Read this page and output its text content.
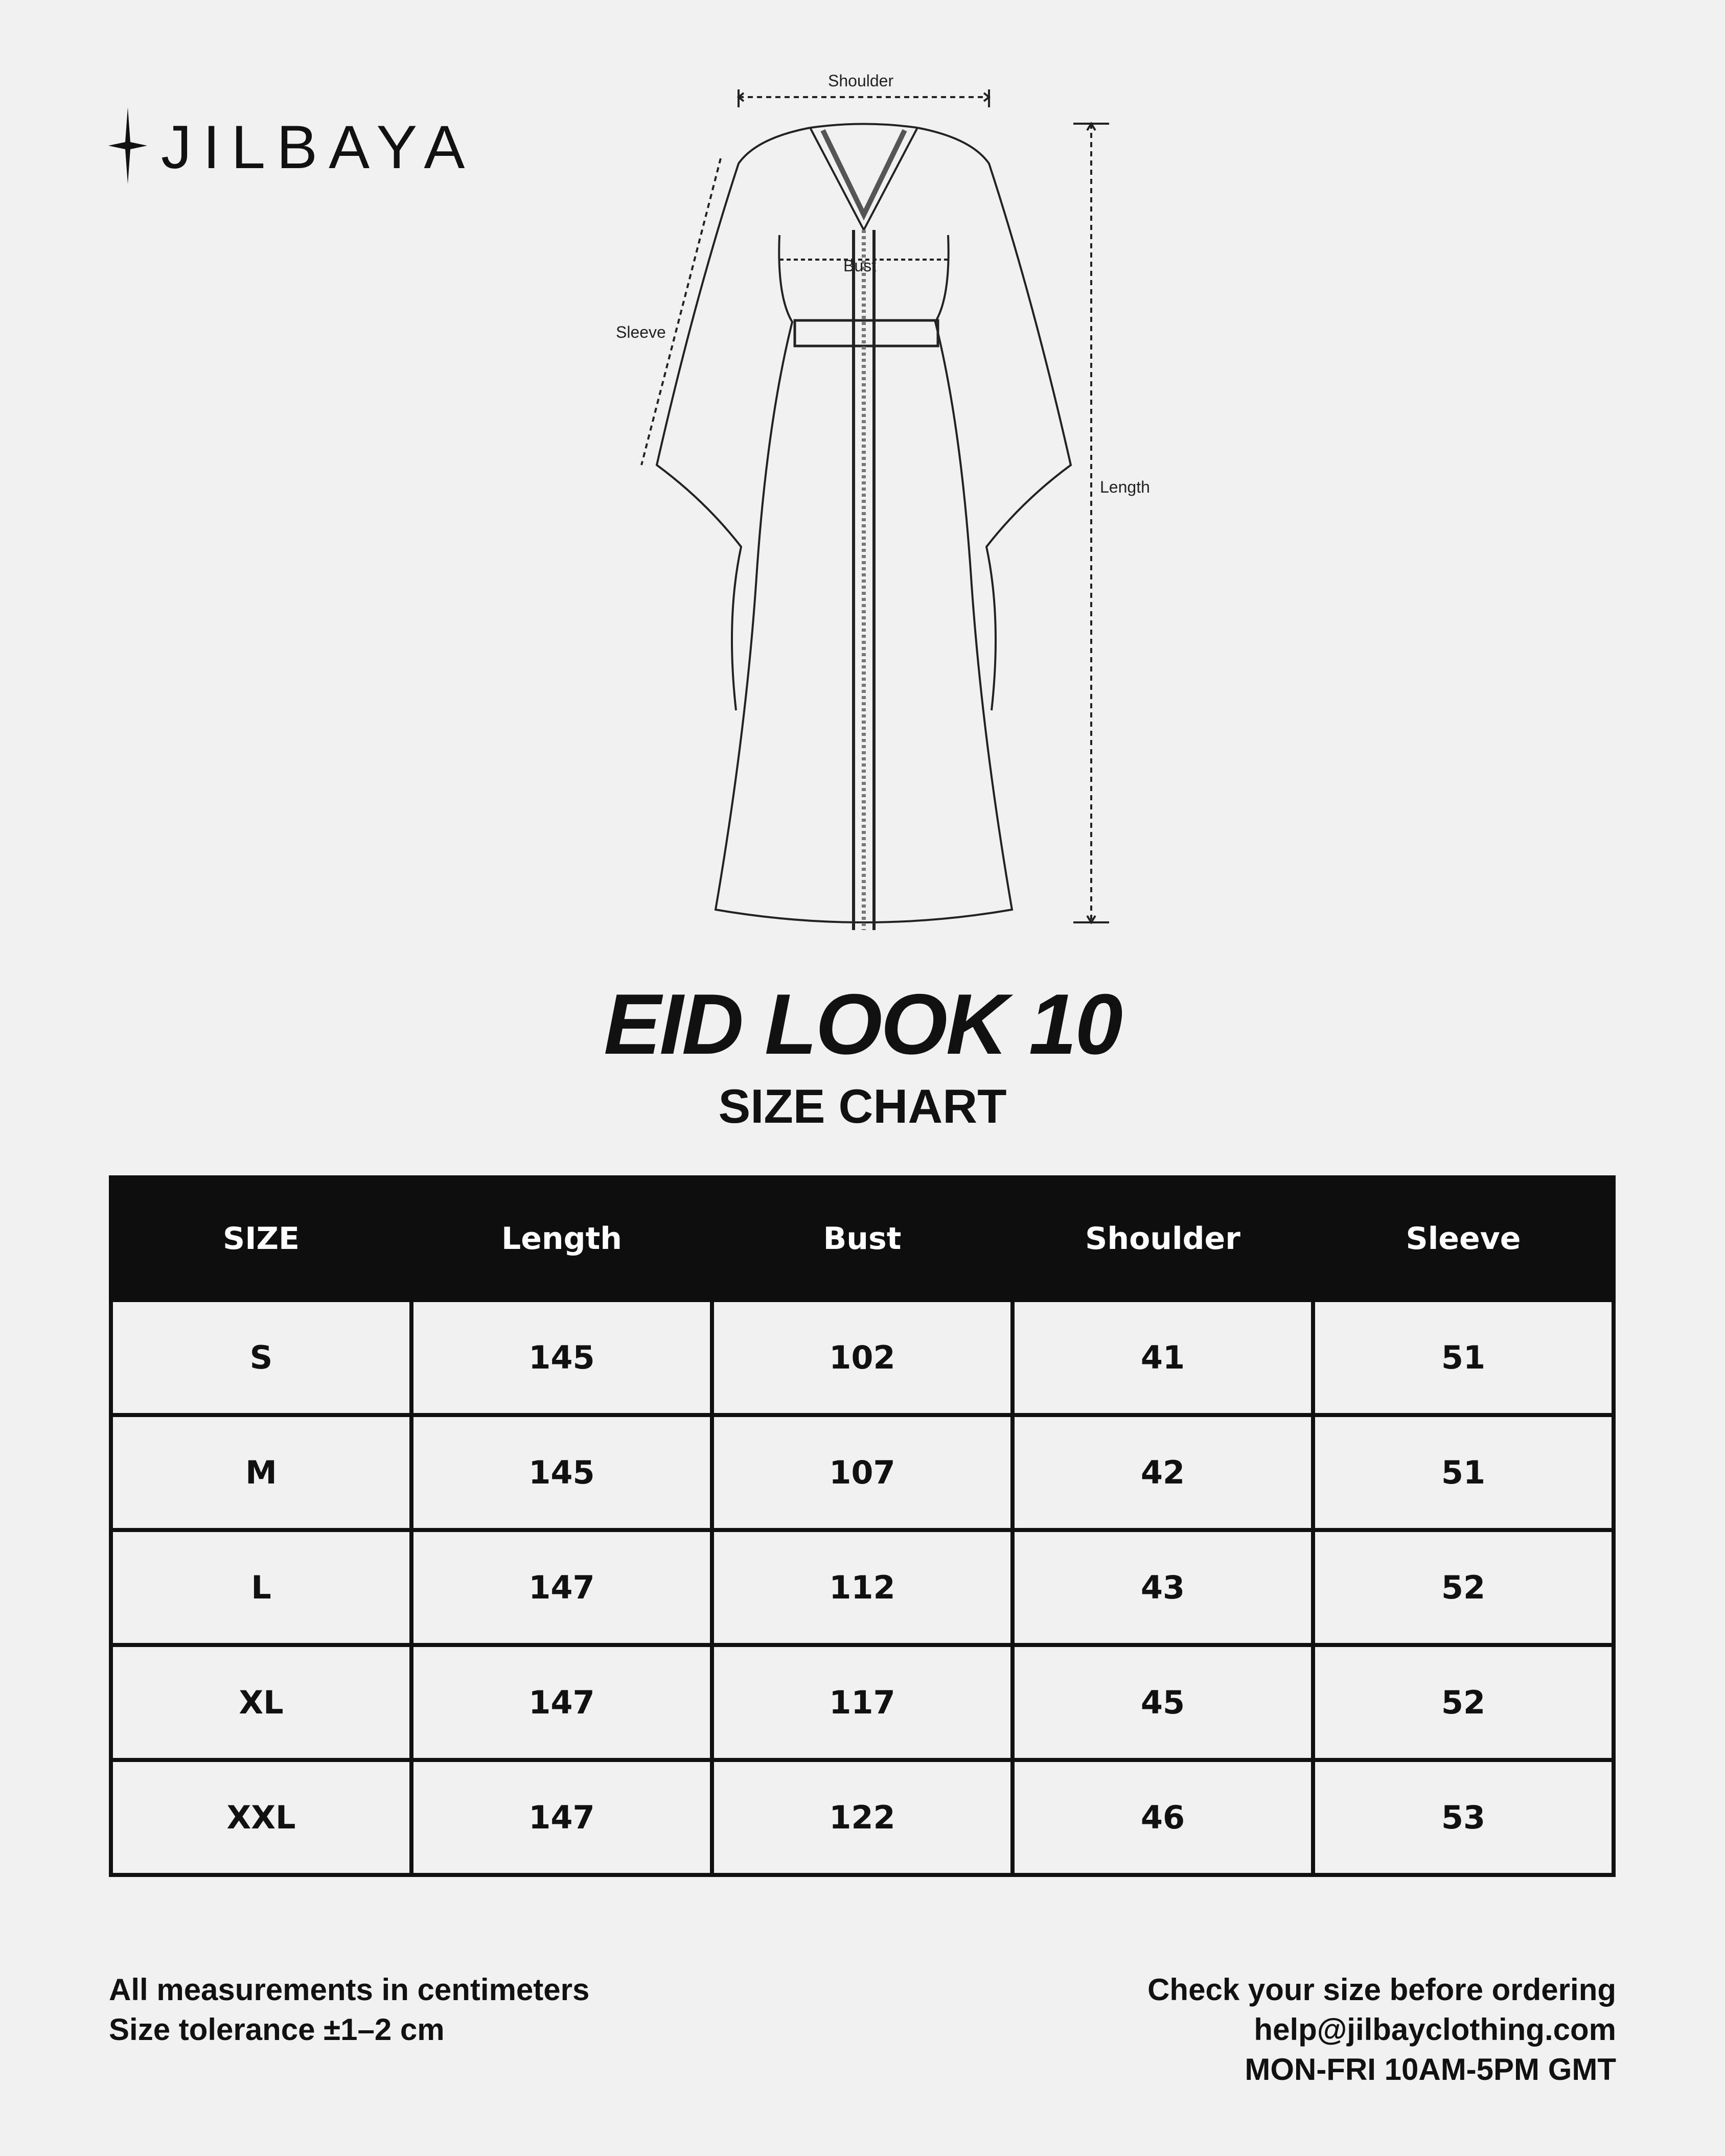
JILBAYA
Shoulder
Bust
Sleeve
Length
EID LOOK 10
SIZE CHART
SIZE	Length	Bust	Shoulder	Sleeve
S	145	102	41	51
M	145	107	42	51
L	147	112	43	52
XL	147	117	45	52
XXL	147	122	46	53
All measurements in centimeters
Size tolerance ±1–2 cm
Check your size before ordering
help@jilbayclothing.com
MON-FRI 10AM-5PM GMT
